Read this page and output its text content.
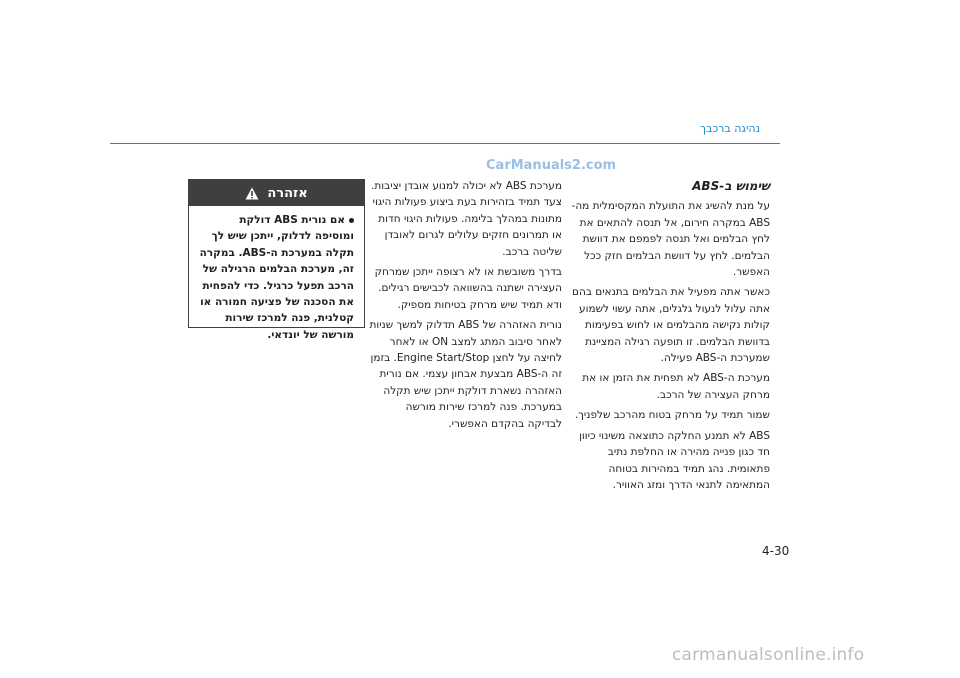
נהיגה ברכבך
CarManuals2.com

שימוש ב-ABS

על מנת להשיג את התועלת המקסימלית מה-ABS במקרה חירום, אל תנסה להתאים את לחץ הבלמים ואל תנסה לפמפם את דוושת הבלמים. לחץ על דוושת הבלמים חזק ככל האפשר.

כאשר אתה מפעיל את הבלמים בתנאים בהם אתה עלול לנעול גלגלים, אתה עשוי לשמוע קולות נקישה מהבלמים או לחוש בפעימות בדוושת הבלמים. זו תופעה רגילה המציינת שמערכת ה-ABS פעילה.

מערכת ה-ABS לא תפחית את הזמן או את מרחק העצירה של הרכב.

שמור תמיד על מרחק בטוח מהרכב שלפניך.

ABS לא תמנע החלקה כתוצאה משינוי כיוון חד כגון פנייה מהירה או החלפת נתיב פתאומית. נהג תמיד במהירות בטוחה המתאימה לתנאי הדרך ומזג האוויר.

מערכת ABS לא יכולה למנוע אובדן יציבות. צעד תמיד בזהירות בעת ביצוע פעולות היגוי מתונות במהלך בלימה. פעולות היגוי חדות או תמרונים חזקים עלולים לגרום לאובדן שליטה ברכב.

בדרך משובשת או לא רצופה ייתכן שמרחק העצירה ישתנה בהשוואה לכבישים רגילים. ודא תמיד שיש מרחק בטיחות מספיק.

נורית האזהרה של ABS תדלוק למשך שניות לאחר סיבוב המתג למצב ON או לאחר לחיצה על לחצן Engine Start/Stop. בזמן זה ה-ABS מבצעת אבחון עצמי. אם נורית האזהרה נשארת דולקת ייתכן שיש תקלה במערכת. פנה למרכז שירות מורשה לבדיקה בהקדם האפשרי.

אזהרה
אם נורית ABS דולקת ומוסיפה לדלוק, ייתכן שיש לך תקלה במערכת ה-ABS. במקרה זה, מערכת הבלמים הרגילה של הרכב תפעל כרגיל. כדי להפחית את הסכנה של פציעה חמורה או קטלנית, פנה למרכז שירות מורשה של יונדאי.
4-30
carmanualsonline.info
